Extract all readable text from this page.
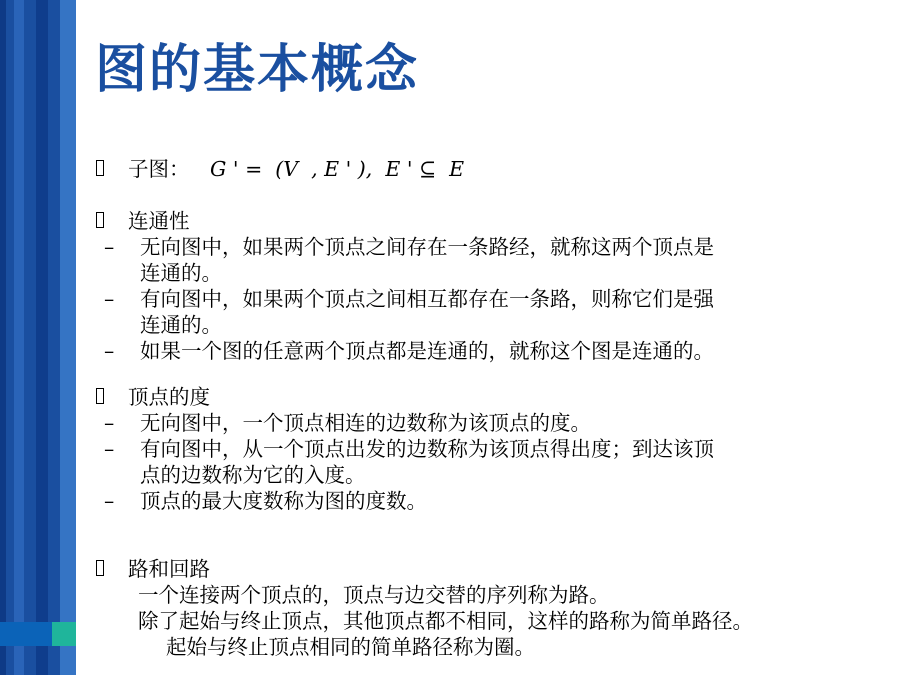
图的基本概念
子图： G ' =  (V  , E ' ),  E ' ⊆  E
连通性
– 无向图中，如果两个顶点之间存在一条路经，就称这两个顶点是
连通的。
– 有向图中，如果两个顶点之间相互都存在一条路，则称它们是强
连通的。
– 如果一个图的任意两个顶点都是连通的，就称这个图是连通的。
顶点的度
– 无向图中，一个顶点相连的边数称为该顶点的度。
– 有向图中，从一个顶点出发的边数称为该顶点得出度；到达该顶
点的边数称为它的入度。
– 顶点的最大度数称为图的度数。
路和回路
一个连接两个顶点的，顶点与边交替的序列称为路。
除了起始与终止顶点，其他顶点都不相同，这样的路称为简单路径。
起始与终止顶点相同的简单路径称为圈。
